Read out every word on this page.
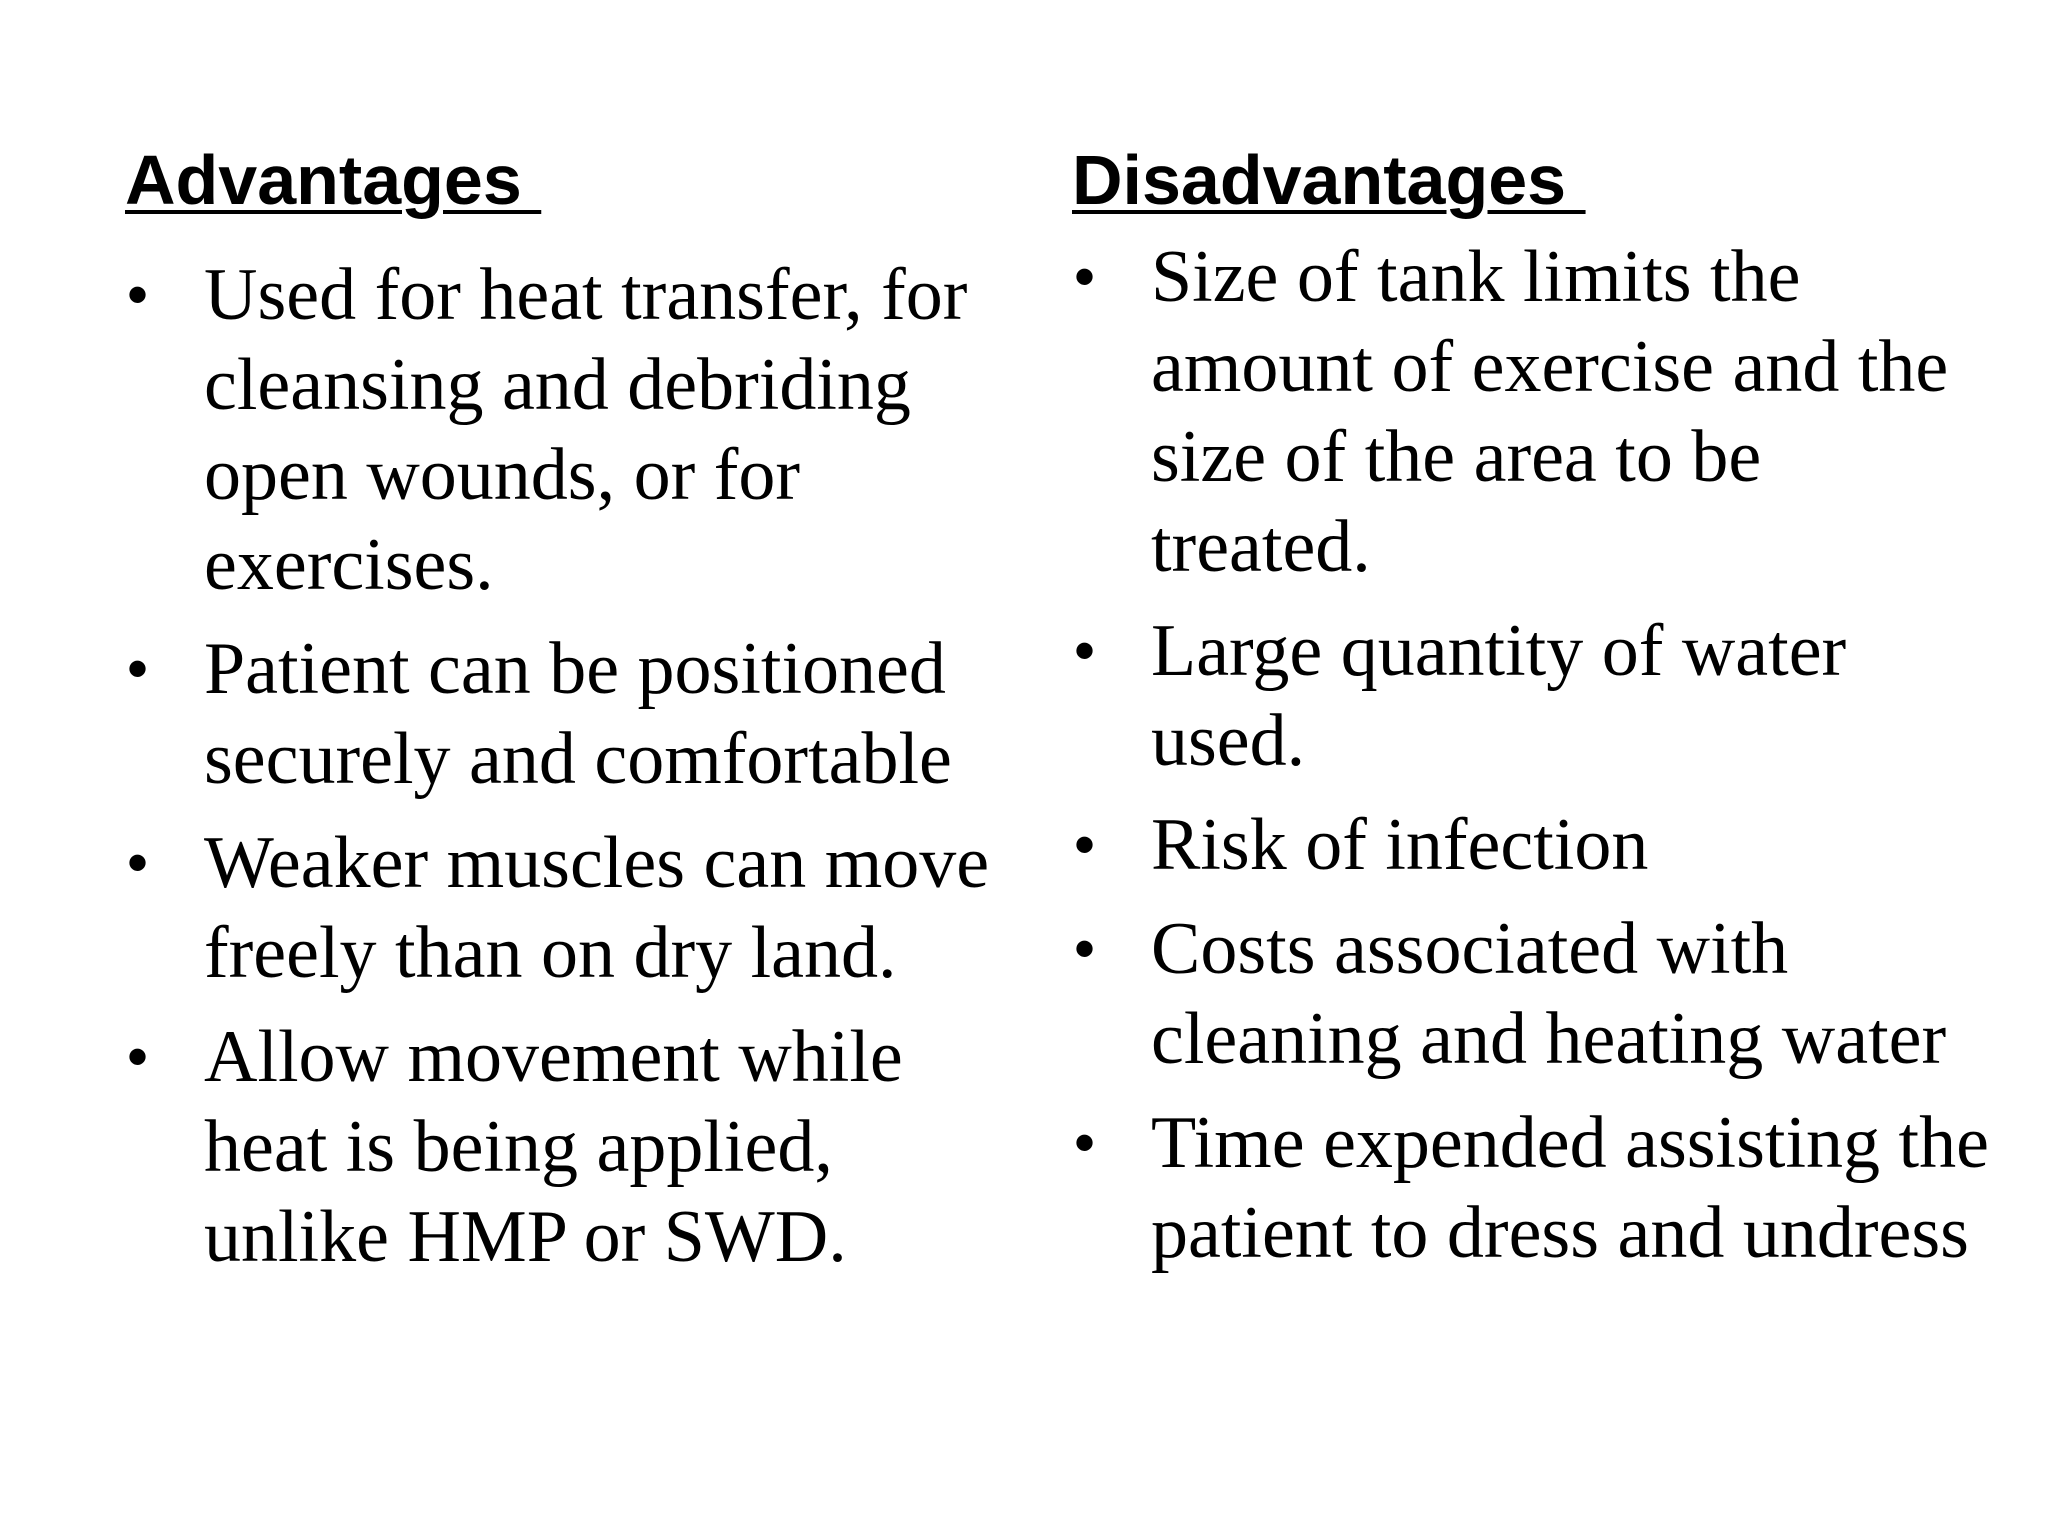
Advantages
• Used for heat transfer, for cleansing and debriding open wounds, or for exercises.
• Patient can be positioned securely and comfortable
• Weaker muscles can move freely than on dry land.
• Allow movement while heat is being applied, unlike HMP or SWD.
Disadvantages
• Size of tank limits the amount of exercise and the size of the area to be treated.
• Large quantity of water used.
• Risk of infection
• Costs associated with cleaning and heating water
• Time expended assisting the patient to dress and undress
